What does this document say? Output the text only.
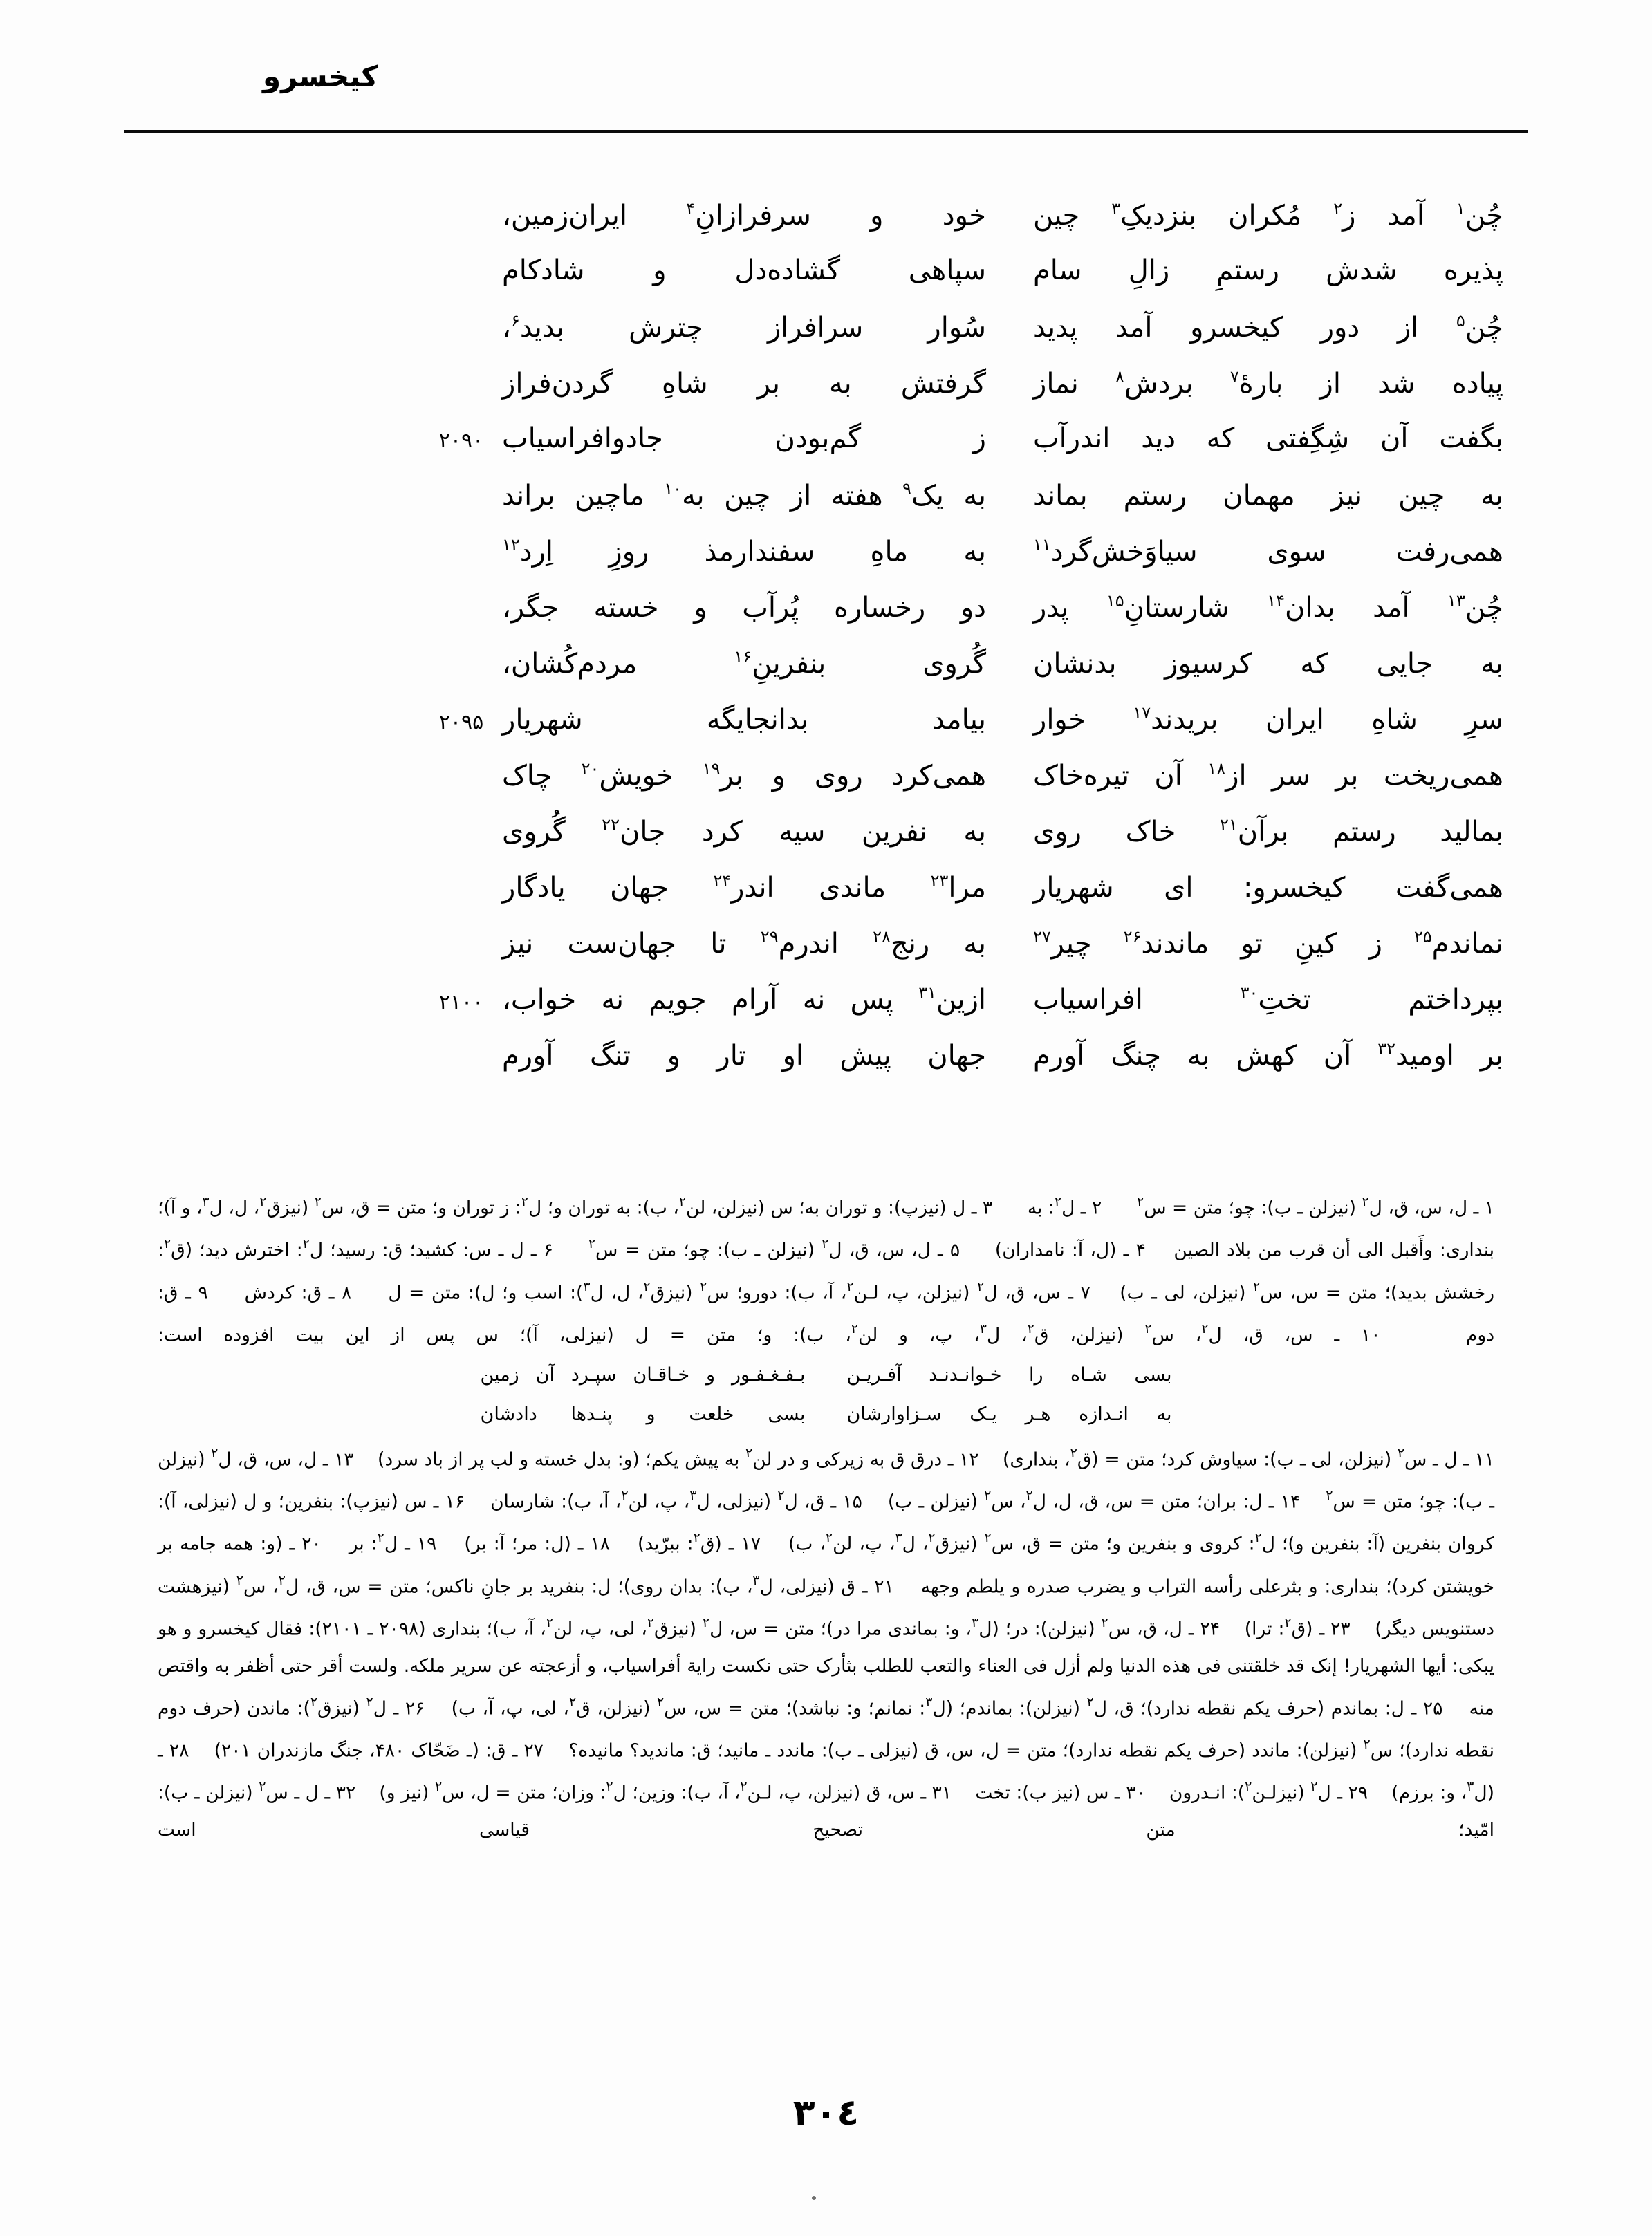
کیخسرو
چُن$^۱$ آمد ز$^۲$ مُکران بنزدیکِ$^۳$ چین
خود و سرفرازانِ$^۴$ ایران‌زمین،
پذیره شدش رستمِ زالِ سام
سپاهی گشاده‌دل و شادکام
چُن$^۵$ از دور کیخسرو آمد پدید
سُوار سرافراز چترش بدید$^۶$،
پیاده شد از بارهٔ$^۷$ بردش$^۸$ نماز
گرفتش به بر شاهِ گردن‌فراز
بگفت آن شِگِفتی که دید اندرآب
ز گم‌بودن جادوافراسیاب
۲۰۹۰
به چین نیز مهمان رستم بماند
به یک$^۹$ هفته از چین به$^{۱۰}$ ماچین براند
همی‌رفت سوی سیاوَخش‌گرد$^{۱۱}$
به ماهِ سفندارمذ روزِ اِرد$^{۱۲}$
چُن$^{۱۳}$ آمد بدان$^{۱۴}$ شارستانِ$^{۱۵}$ پدر
دو رخساره پُرآب و خسته جگر،
به جایی که کرسیوز بدنشان
گُروی بنفرینِ$^{۱۶}$ مردم‌کُشان،
سرِ شاهِ ایران بریدند$^{۱۷}$ خوار
بیامد بدانجایگه شهریار
۲۰۹۵
همی‌ریخت بر سر از$^{۱۸}$ آن تیره‌خاک
همی‌کرد روی و بر$^{۱۹}$ خویش$^{۲۰}$ چاک
بمالید رستم برآن$^{۲۱}$ خاک روی
به نفرین سیه کرد جان$^{۲۲}$ گُروی
همی‌گفت کیخسرو: ای شهریار
مرا$^{۲۳}$ ماندی اندر$^{۲۴}$ جهان یادگار
نماندم$^{۲۵}$ ز کینِ تو ماندند$^{۲۶}$ چیر$^{۲۷}$
به رنج$^{۲۸}$ اندرم$^{۲۹}$ تا جهان‌ست نیز
بپرداختم تختِ$^{۳۰}$ افراسیاب
ازین$^{۳۱}$ پس نه آرام جویم نه خواب،
۲۱۰۰
بر اومید$^{۳۲}$ آن کهش به چنگ آورم
جهان پیش او تار و تنگ آورم

۱ ـ ل، س، ق، ل$^۲$ (نیزلن ـ ب): چو؛ متن = س$^۲$      ۲ ـ ل$^۲$: به      ۳ ـ ل (نیزپ): و توران به؛ س (نیزلن، لن$^۲$، ب): به توران و؛ ل$^۲$: ز توران و؛ متن = ق، س$^۲$ (نیزق$^۲$، ل، ل$^۳$، و آ)؛ بنداری: وأَقبل الی أن قرب من بلاد الصین    ۴ ـ (ل، آ: نامداران)     ۵ ـ ل، س، ق، ل$^۲$ (نیزلن ـ ب): چو؛ متن = س$^۲$     ۶ ـ ل ـ س: کشید؛ ق: رسید؛ ل$^۲$: اخترش دید؛ (ق$^۲$: رخشش بدید)؛ متن = س، س$^۲$ (نیزلن، لی ـ ب)    ۷ ـ س، ق، ل$^۲$ (نیزلن، پ، لـن$^۲$، آ، ب): دورو؛ س$^۲$ (نیزق$^۲$، ل، ل$^۳$): اسب و؛ ل): متن = ل     ۸ ـ ق: کردش     ۹ ـ ق: دوم    ۱۰ ـ س، ق، ل$^۲$، س$^۲$ (نیزلن، ق$^۲$، ل$^۳$، پ، و لن$^۲$، ب): و؛ متن = ل (نیزلی، آ)؛ س پس از این بیت افزوده است:

بسی شـاه را خـوانـدنـد آفـریـن
بـفـغـفـور و خـاقـان سپـرد آن زمین
به انـدازه هـر یـک سـزاوارشان
بسی خلعت و پنـدها دادشان

۱۱ ـ ل ـ س$^۲$ (نیزلن، لی ـ ب): سیاوش کرد؛ متن = (ق$^۲$، بنداری)    ۱۲ ـ درق ق به زیرکی و در لن$^۲$ به پیش یکم؛ (و: بدل خسته و لب پر از باد سرد)    ۱۳ ـ ل، س، ق، ل$^۲$ (نیزلن ـ ب): چو؛ متن = س$^۲$    ۱۴ ـ ل: بران؛ متن = س، ق، ل، ل$^۲$، س$^۲$ (نیزلن ـ ب)    ۱۵ ـ ق، ل$^۲$ (نیزلی، ل$^۳$، پ، لن$^۲$، آ، ب): شارسان    ۱۶ ـ س (نیزپ): بنفرین؛ و ل (نیزلی، آ): کروان بنفرین (آ: بنفرین و)؛ ل$^۲$: کروی و بنفرین و؛ متن = ق، س$^۲$ (نیزق$^۲$، ل$^۳$، پ، لن$^۲$، ب)    ۱۷ ـ (ق$^۲$: ببرّید)    ۱۸ ـ (ل: مر؛ آ: بر)    ۱۹ ـ ل$^۲$: بر    ۲۰ ـ (و: همه جامه بر خویشتن کرد)؛ بنداری: و بثرعلی رأسه التراب و یضرب صدره و یلطم وجهه    ۲۱ ـ ق (نیزلی، ل$^۳$، ب): بدان روی)؛ ل: بنفرید بر جانِ ناکس؛ متن = س، ق، ل$^۲$، س$^۲$ (نیزهشت دستنویس دیگر)    ۲۳ ـ (ق$^۲$: ترا)    ۲۴ ـ ل، ق، س$^۲$ (نیزلن): در؛ (ل$^۳$، و: بماندی مرا در)؛ متن = س، ل$^۲$ (نیزق$^۲$، لی، پ، لن$^۲$، آ، ب)؛ بنداری (۲۰۹۸ ـ ۲۱۰۱): فقال کیخسرو و هو یبکی: أیها الشهریار! إنک قد خلقتنی فی هذه الدنیا ولم أزل فی العناء والتعب للطلب بثأرک حتی نکست رایة أفراسیاب، و أزعجته عن سریر ملکه. ولست أقر حتی أظفر به واقتص منه    ۲۵ ـ ل: بماندم (حرف یکم نقطه ندارد)؛ ق، ل$^۲$ (نیزلن): بماندم؛ (ل$^۳$: نمانم؛ و: نباشد)؛ متن = س، س$^۲$ (نیزلن، ق$^۲$، لی، پ، آ، ب)    ۲۶ ـ ل$^۲$ (نیزق$^۲$): ماندن (حرف دوم نقطه ندارد)؛ س$^۲$ (نیزلن): ماندد (حرف یکم نقطه ندارد)؛ متن = ل، س، ق (نیزلی ـ ب): ماندد ـ مانید؛ ق: ماندید؟ مانیده؟    ۲۷ ـ ق: (ـ ضَحّاک ۴۸۰، جنگ مازندران ۲۰۱)    ۲۸ ـ (ل$^۳$، و: برزم)    ۲۹ ـ ل$^۲$ (نیزلـن$^۲$): انـدرون    ۳۰ ـ س (نیز ب): تخت    ۳۱ ـ س، ق (نیزلن، پ، لـن$^۲$، آ، ب): وزین؛ ل$^۲$: وزان؛ متن = ل، س$^۲$ (نیز و)    ۳۲ ـ ل ـ س$^۲$ (نیزلن ـ ب): امّید؛ متن تصحیح قیاسی است

۳۰٤
